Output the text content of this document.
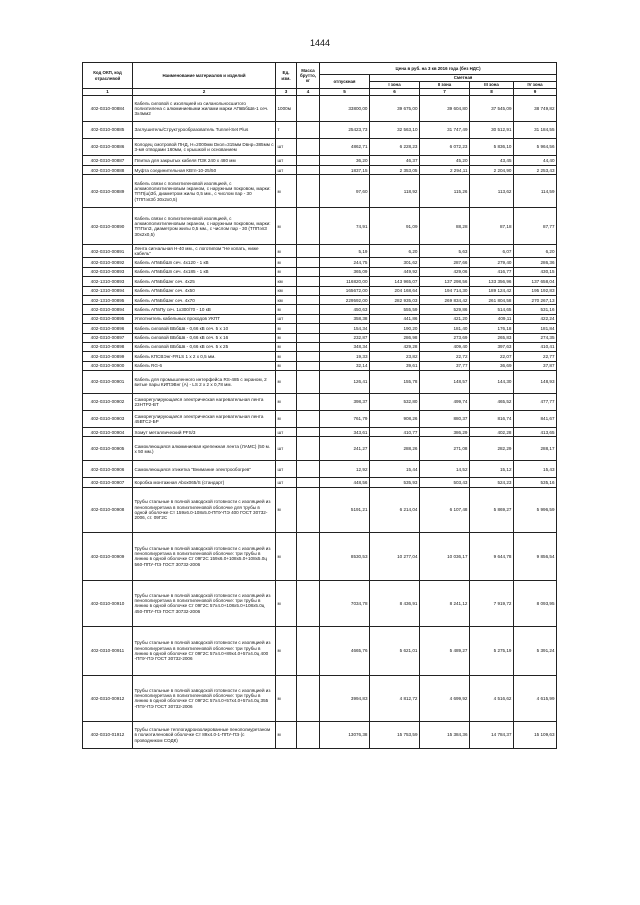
1444
Код ОКП, код отраслевой	Наименование материалов и изделий	Ед. изм.	Масса брутто, кг	Цена в руб. на 3 кв 2016 года (без НДС)				
				отпускная	Сметная			
					I зона	II зона	III зона	IV зона
1	2	3	4	5	6	7	8	9
402-0310-00884	Кабель силовой с изоляцией из силанольносшитого полиэтилена с алюминиевыми жилами марки АПвБбШв-1 сеч. 3х4мм2	1000м		33800,00	39 675,00	39 604,80	37 545,09	38 749,82
402-0310-00885	Заглушитель/Структурообразователь Tunnel-Set Plus	т		25423,73	32 563,10	31 747,49	30 512,91	31 184,55
402-0310-00886	Колодец смотровой ПНД, Н=2000мм Dкол=315мм Dвнр=385мм с 3-мя отводами 160мм, с крышкой и основанием	шт		4862,71	6 228,23	6 072,23	5 836,10	5 964,56
402-0310-00887	Плитка для закрытых кабеля ПЗК 240 х 480 мм	шт		36,20	46,37	45,20	43,45	44,40
402-0310-00888	Муфта соединительная КВтп-10-25/50	шт		1837,15	2 353,05	2 294,11	2 204,90	2 253,43
402-0310-00889	Кабель связи с полиэтиленовой изоляцией, с алюмополиэтиленовым экраном, с наружным покровом, марки: ТПП(ш)Зб, диаметром жилы 0,5 мм., с числом пар - 30 (ТППэпЗб 30х2х0,5)	м		97,60	118,92	115,26	113,62	114,59
402-0310-00890	Кабель связи с полиэтиленовой изоляцией, с алюмополиэтиленовым экраном, с наружным покровом, марки: ТППэпЗ, диаметром жилы 0,5 мм., с числом пар - 30 (ТППэпЗ 30х2х0,5)	м		74,91	91,09	88,28	87,18	87,77
402-0310-00891	Лента сигнальная Н-40 мм., с логотипом "Не копать, ниже кабель"	м		5,19	6,20	5,63	6,07	6,20
402-0310-00892	Кабель АПвБбШп сеч. 4х120 - 1 кВ	м		244,75	301,62	287,66	279,40	286,36
402-0310-00893	Кабель АПвБбШп сеч. 4х185 - 1 кВ	м		365,09	449,92	429,06	416,77	430,15
402-1310-00893	Кабель АПвБбШнг сеч. 4х25	км		116820,00	143 965,07	137 298,56	133 356,96	137 658,04
402-1310-00894	Кабель АПвБбШнг сеч. 4х50	км		165672,00	204 168,64	194 714,30	189 124,42	195 192,83
402-1310-00895	Кабель АПвБбШнг сеч. 4х70	км		229592,00	282 935,03	269 834,42	261 804,58	270 267,13
402-0310-00894	Кабель АПвПу сеч. 1х300/70 - 10 кВ	м		450,63	555,59	529,86	514,65	531,16
402-0310-00895	Уплотнитель кабельных проходов УКПТ	шт		358,38	441,86	421,20	409,11	422,24
402-0310-00896	Кабель силовой ВБбШв - 0,66 кВ сеч. 5 х 10	м		154,34	190,20	181,40	176,18	181,84
402-0310-00897	Кабель силовой ВБбШв - 0,66 кВ сеч. 5 х 16	м		232,87	286,98	273,69	265,83	274,35
402-0310-00898	Кабель силовой ВБбШв - 0,66 кВ сеч. 5 х 25	м		348,34	429,28	409,40	397,63	410,41
402-0310-00899	Кабель КПСВЭнг-FRLS 1 х 2 х 0,5 мм.	м		19,33	23,82	22,72	22,07	22,77
402-0310-00900	Кабель RG-6	м		32,14	39,61	37,77	36,69	37,87
402-0310-00901	Кабель для промышленного интерфейса RS-485 с экраном, 2 витые пары КИПЭВнг (А) - LS 2 х 2 х 0,78 мм.	м		126,41	155,78	148,57	144,30	148,93
402-0310-00902	Саморегулирующаяся электрическая нагревательная лента 23НТР2-BT	м		398,37	532,80	499,74	465,52	477,77
402-0310-00903	Саморегулирующаяся электрическая нагревательная лента 45ВТС2-БР	м		761,79	908,26	880,37	816,74	841,67
402-0310-00904	Хомут металлический PFS/3	шт		343,61	410,77	386,29	402,28	413,65
402-0310-00905	Самоклеющаяся алюминиевая крепежная лента (ЛАМС) (50 м. х 50 мм.)	шт		241,27	288,26	271,08	282,29	288,17
402-0310-00906	Самоклеющаяся этикетка "Внимание электрообогрев"	шт		12,92	15,44	14,52	15,12	15,43
402-0310-00907	Коробка монтажная Abox065/S (стандарт)	шт		448,56	535,93	503,43	524,23	535,16
402-0310-00908	Трубы стальные в полной заводской готовности с изоляцией из пенополиуретана в полиэтиленовой оболочке для трубы в одной оболочке Ст 159х6.0-108х5.0-ППУ-ПЭ 400 ГОСТ 30732-2006, ст. 09Г2С	м		5191,21	6 214,04	6 107,48	5 869,27	5 996,59
402-0310-00909	Трубы стальные в полной заводской готовности с изоляцией из пенополиуретана в полиэтиленовой оболочке: три трубы в линию в одной оболочке Ст 09Г2С 159х6.0+108х5.0+108х5.0ц 560-ППУ-ПЭ ГОСТ 30732-2006	м		8530,53	10 277,04	10 036,17	9 644,78	9 856,54
402-0310-00910	Трубы стальные в полной заводской готовности с изоляцией из пенополиуретана в полиэтиленовой оболочке: три трубы в линию в одной оболочке Ст 09Г2С 57х4.0+108х5.0+108х5.0ц 450-ППУ-ПЭ ГОСТ 30732-2006	м		7034,78	8 436,91	8 241,12	7 919,72	8 093,95
402-0310-00911	Трубы стальные в полной заводской готовности с изоляцией из пенополиуретана в полиэтиленовой оболочке: три трубы в линию в одной оболочке Ст 09Г2С 57х4.0+89х4.0+57х4.0ц 400 -ППУ-ПЭ ГОСТ 30732-2006	м		4665,76	5 621,01	5 489,27	5 275,19	5 391,24
402-0310-00912	Трубы стальные в полной заводской готовности с изоляцией из пенополиуретана в полиэтиленовой оболочке: три трубы в линию в одной оболочке Ст 09Г2С 57х4.0+57х4.0+57х4.0ц 355 -ППУ-ПЭ ГОСТ 30732-2006	м		3994,83	4 812,72	4 699,92	4 516,62	4 615,99
402-0310-01912	Трубы стальные теплогидроизолированные пенополиуретаном в полиэтиленовой оболочке Ст 89х4.0-1-ППУ-ПЭ (с проводником СОДК)	м		13076,38	15 753,59	15 384,36	14 784,37	15 109,63
